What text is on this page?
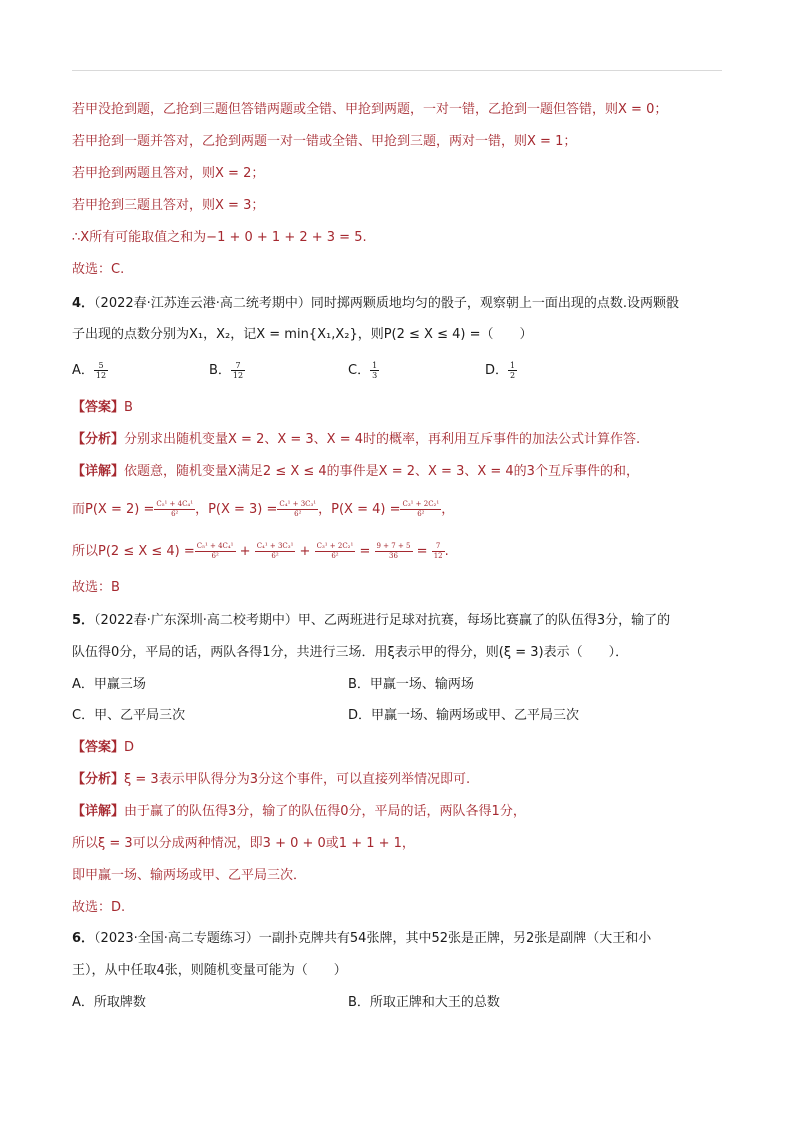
若甲没抢到题，乙抢到三题但答错两题或全错、甲抢到两题，一对一错，乙抢到一题但答错，则X = 0；
若甲抢到一题并答对，乙抢到两题一对一错或全错、甲抢到三题，两对一错，则X = 1；
若甲抢到两题且答对，则X = 2；
若甲抢到三题且答对，则X = 3；
∴X所有可能取值之和为−1 + 0 + 1 + 2 + 3 = 5.
故选：C.
4．（2022春·江苏连云港·高二统考期中）同时掷两颗质地均匀的骰子，观察朝上一面出现的点数.设两颗骰
子出现的点数分别为X₁，X₂，记X = min{X₁,X₂}，则P(2 ≤ X ≤ 4) =（　　）
A． $\frac{5}{12}$	B． $\frac{7}{12}$	C． $\frac{1}{3}$	D． $\frac{1}{2}$
【答案】B
【分析】分别求出随机变量X = 2、X = 3、X = 4时的概率，再利用互斥事件的加法公式计算作答.
【详解】依题意，随机变量X满足2 ≤ X ≤ 4的事件是X = 2、X = 3、X = 4的3个互斥事件的和，
而$P(X = 2) = \frac{\text{C₅¹ + 4C₄¹}}{\text{6²}}$ ，$P(X = 3) = \frac{\text{C₄¹ + 3C₃¹}}{\text{6²}}$ ，$P(X = 4) = \frac{\text{C₃¹ + 2C₂¹}}{\text{6²}}$ ，
所以$P(2 \le X \le 4) = \frac{\text{C₅¹ + 4C₄¹}}{\text{6²}} + \frac{\text{C₄¹ + 3C₃¹}}{\text{6²}} + \frac{\text{C₃¹ + 2C₂¹}}{\text{6²}} = \frac{9 + 7 + 5}{36} = \frac{7}{12}$ .
故选：B
5．（2022春·广东深圳·高二校考期中）甲、乙两班进行足球对抗赛，每场比赛赢了的队伍得3分，输了的
队伍得0分，平局的话，两队各得1分，共进行三场．用ξ表示甲的得分，则(ξ = 3)表示（　　）．
A．甲赢三场	B．甲赢一场、输两场
C．甲、乙平局三次	D．甲赢一场、输两场或甲、乙平局三次
【答案】D
【分析】ξ = 3表示甲队得分为3分这个事件，可以直接列举情况即可.
【详解】由于赢了的队伍得3分，输了的队伍得0分，平局的话，两队各得1分，
所以ξ = 3可以分成两种情况，即3 + 0 + 0或1 + 1 + 1，
即甲赢一场、输两场或甲、乙平局三次．
故选：D.
6．（2023·全国·高二专题练习）一副扑克牌共有54张牌，其中52张是正牌，另2张是副牌（大王和小
王），从中任取4张，则随机变量可能为（　　）
A．所取牌数	B．所取正牌和大王的总数
